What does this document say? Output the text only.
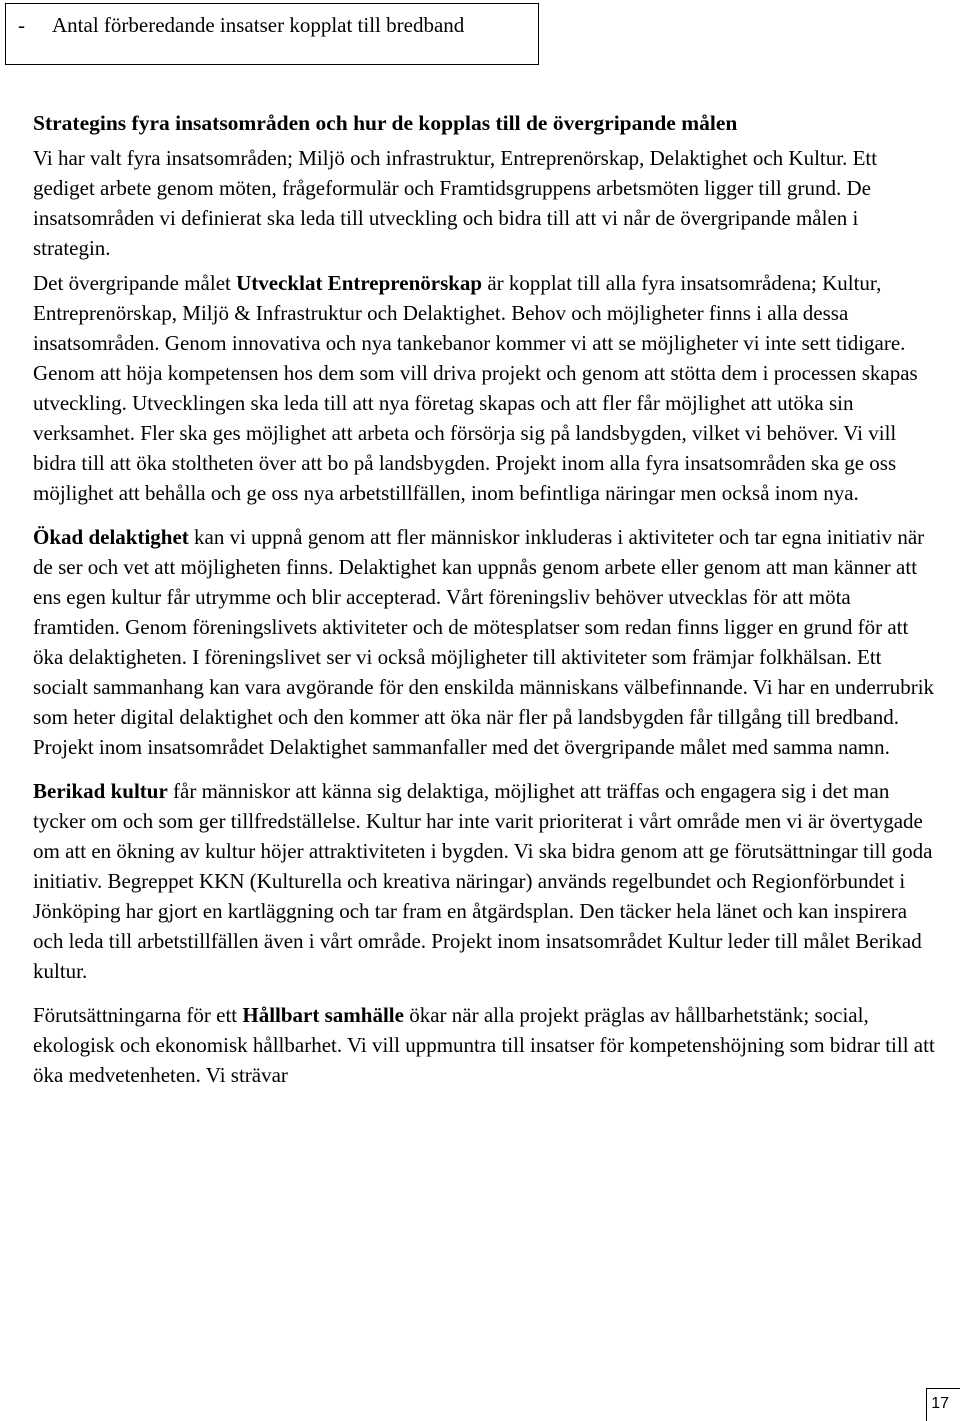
-	Antal förberedande insatser kopplat till bredband

Strategins fyra insatsområden och hur de kopplas till de övergripande målen

Vi har valt fyra insatsområden; Miljö och infrastruktur, Entreprenörskap, Delaktighet och Kultur. Ett gediget arbete genom möten, frågeformulär och Framtidsgruppens arbetsmöten ligger till grund. De insatsområden vi definierat ska leda till utveckling och bidra till att vi når de övergripande målen i strategin.

Det övergripande målet Utvecklat Entreprenörskap är kopplat till alla fyra insatsområdena; Kultur, Entreprenörskap, Miljö & Infrastruktur och Delaktighet. Behov och möjligheter finns i alla dessa insatsområden. Genom innovativa och nya tankebanor kommer vi att se möjligheter vi inte sett tidigare. Genom att höja kompetensen hos dem som vill driva projekt och genom att stötta dem i processen skapas utveckling. Utvecklingen ska leda till att nya företag skapas och att fler får möjlighet att utöka sin verksamhet. Fler ska ges möjlighet att arbeta och försörja sig på landsbygden, vilket vi behöver. Vi vill bidra till att öka stoltheten över att bo på landsbygden. Projekt inom alla fyra insatsområden ska ge oss möjlighet att behålla och ge oss nya arbetstillfällen, inom befintliga näringar men också inom nya.

Ökad delaktighet kan vi uppnå genom att fler människor inkluderas i aktiviteter och tar egna initiativ när de ser och vet att möjligheten finns. Delaktighet kan uppnås genom arbete eller genom att man känner att ens egen kultur får utrymme och blir accepterad. Vårt föreningsliv behöver utvecklas för att möta framtiden. Genom föreningslivets aktiviteter och de mötesplatser som redan finns ligger en grund för att öka delaktigheten. I föreningslivet ser vi också möjligheter till aktiviteter som främjar folkhälsan. Ett socialt sammanhang kan vara avgörande för den enskilda människans välbefinnande. Vi har en underrubrik som heter digital delaktighet och den kommer att öka när fler på landsbygden får tillgång till bredband. Projekt inom insatsområdet Delaktighet sammanfaller med det övergripande målet med samma namn.

Berikad kultur får människor att känna sig delaktiga, möjlighet att träffas och engagera sig i det man tycker om och som ger tillfredställelse. Kultur har inte varit prioriterat i vårt område men vi är övertygade om att en ökning av kultur höjer attraktiviteten i bygden. Vi ska bidra genom att ge förutsättningar till goda initiativ. Begreppet KKN (Kulturella och kreativa näringar) används regelbundet och Regionförbundet i Jönköping har gjort en kartläggning och tar fram en åtgärdsplan. Den täcker hela länet och kan inspirera och leda till arbetstillfällen även i vårt område. Projekt inom insatsområdet Kultur leder till målet Berikad kultur.

Förutsättningarna för ett Hållbart samhälle ökar när alla projekt präglas av hållbarhetstänk; social, ekologisk och ekonomisk hållbarhet. Vi vill uppmuntra till insatser för kompetenshöjning som bidrar till att öka medvetenheten. Vi strävar

17
